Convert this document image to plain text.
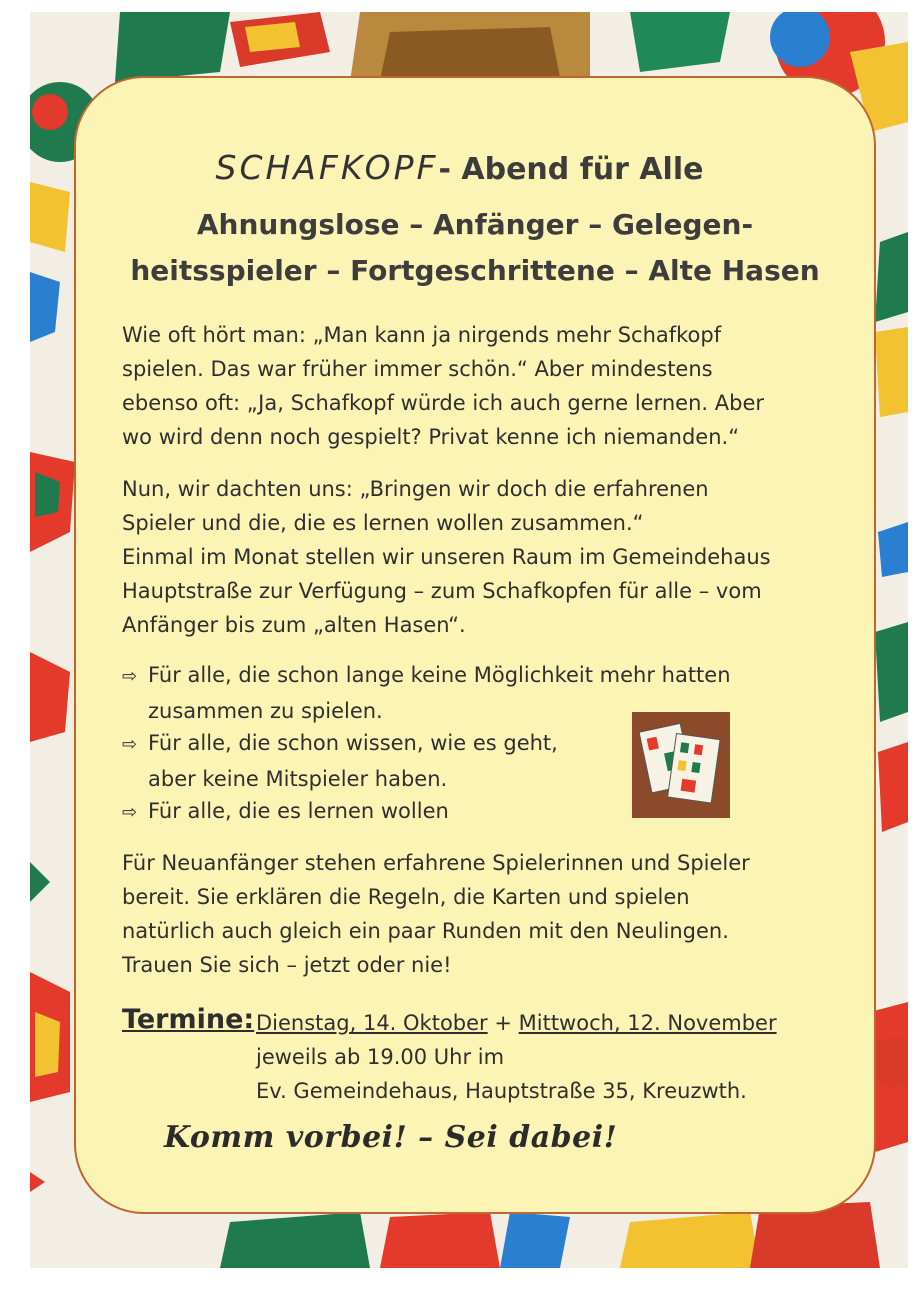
SCHAFKOPF- Abend für Alle
Ahnungslose – Anfänger – Gelegen-
heitsspieler – Fortgeschrittene – Alte Hasen
Wie oft hört man: „Man kann ja nirgends mehr Schafkopf
spielen. Das war früher immer schön.“ Aber mindestens
ebenso oft: „Ja, Schafkopf würde ich auch gerne lernen. Aber
wo wird denn noch gespielt? Privat kenne ich niemanden.“
Nun, wir dachten uns: „Bringen wir doch die erfahrenen
Spieler und die, die es lernen wollen zusammen.“
Einmal im Monat stellen wir unseren Raum im Gemeindehaus
Hauptstraße zur Verfügung – zum Schafkopfen für alle – vom
Anfänger bis zum „alten Hasen“.
⇨ Für alle, die schon lange keine Möglichkeit mehr hatten
zusammen zu spielen.
⇨ Für alle, die schon wissen, wie es geht,
aber keine Mitspieler haben.
⇨ Für alle, die es lernen wollen
Für Neuanfänger stehen erfahrene Spielerinnen und Spieler
bereit. Sie erklären die Regeln, die Karten und spielen
natürlich auch gleich ein paar Runden mit den Neulingen.
Trauen Sie sich – jetzt oder nie!
Termine: Dienstag, 14. Oktober + Mittwoch, 12. November
jeweils ab 19.00 Uhr im
Ev. Gemeindehaus, Hauptstraße 35, Kreuzwth.
Komm vorbei! – Sei dabei!
